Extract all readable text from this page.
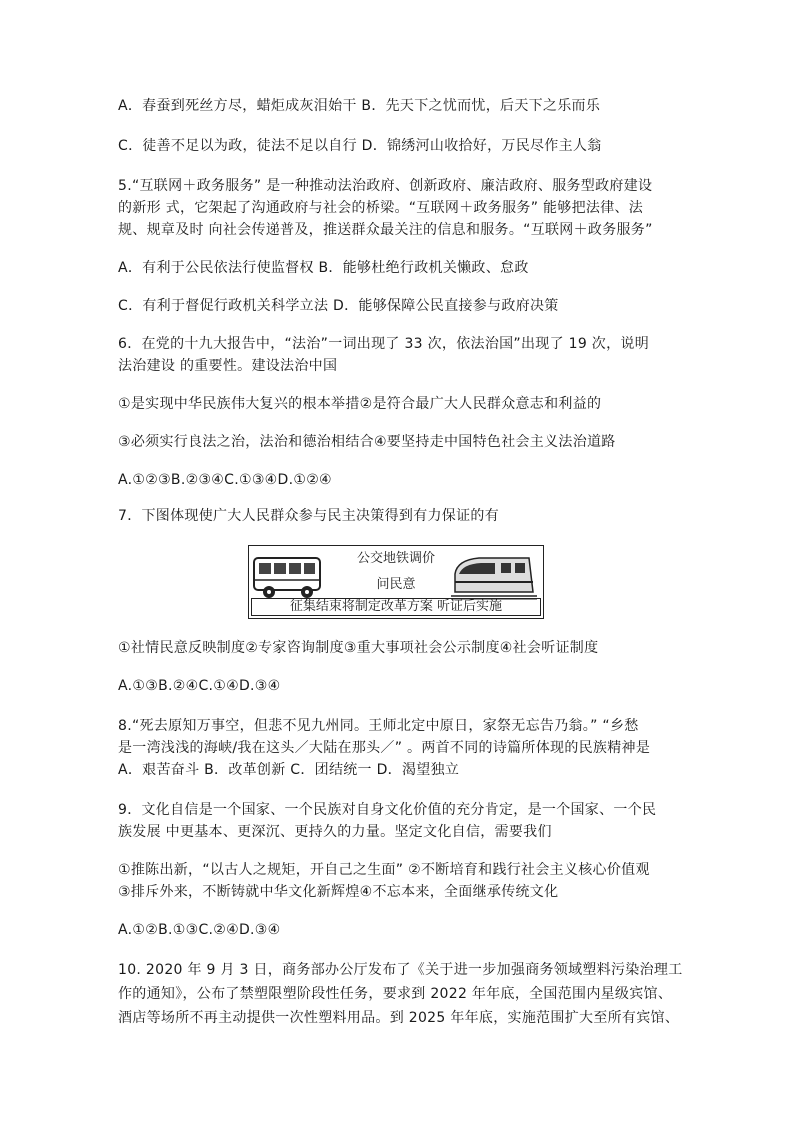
A．春蚕到死丝方尽，蜡炬成灰泪始干 B．先天下之忧而忧，后天下之乐而乐
C．徒善不足以为政，徒法不足以自行 D．锦绣河山收拾好，万民尽作主人翁
5.“互联网＋政务服务” 是一种推动法治政府、创新政府、廉洁政府、服务型政府建设
的新形 式，它架起了沟通政府与社会的桥梁。“互联网＋政务服务” 能够把法律、法
规、规章及时 向社会传递普及，推送群众最关注的信息和服务。“互联网＋政务服务”
A．有利于公民依法行使监督权 B．能够杜绝行政机关懒政、怠政
C．有利于督促行政机关科学立法 D．能够保障公民直接参与政府决策
6．在党的十九大报告中，“法治”一词出现了 33 次，依法治国”出现了 19 次，说明
法治建设 的重要性。建设法治中国
①是实现中华民族伟大复兴的根本举措②是符合最广大人民群众意志和利益的
③必须实行良法之治，法治和德治相结合④要坚持走中国特色社会主义法治道路
A.①②③B.②③④C.①③④D.①②④
7．下图体现使广大人民群众参与民主决策得到有力保证的有
公交地铁调价
问民意
征集结束将制定改革方案 听证后实施
①社情民意反映制度②专家咨询制度③重大事项社会公示制度④社会听证制度
A.①③B.②④C.①④D.③④
8.“死去原知万事空，但悲不见九州同。王师北定中原日，家祭无忘告乃翁。” “乡愁
是一湾浅浅的海峡/我在这头／大陆在那头／” 。两首不同的诗篇所体现的民族精神是
A．艰苦奋斗 B．改革创新 C．团结统一 D．渴望独立
9．文化自信是一个国家、一个民族对自身文化价值的充分肯定，是一个国家、一个民
族发展 中更基本、更深沉、更持久的力量。坚定文化自信，需要我们
①推陈出新，“以古人之规矩，开自己之生面” ②不断培育和践行社会主义核心价值观
③排斥外来，不断铸就中华文化新辉煌④不忘本来，全面继承传统文化
A.①②B.①③C.②④D.③④
10. 2020 年 9 月 3 日，商务部办公厅发布了《关于进一步加强商务领域塑料污染治理工
作的通知》，公布了禁塑限塑阶段性任务，要求到 2022 年年底，全国范围内星级宾馆、
酒店等场所不再主动提供一次性塑料用品。到 2025 年年底，实施范围扩大至所有宾馆、
